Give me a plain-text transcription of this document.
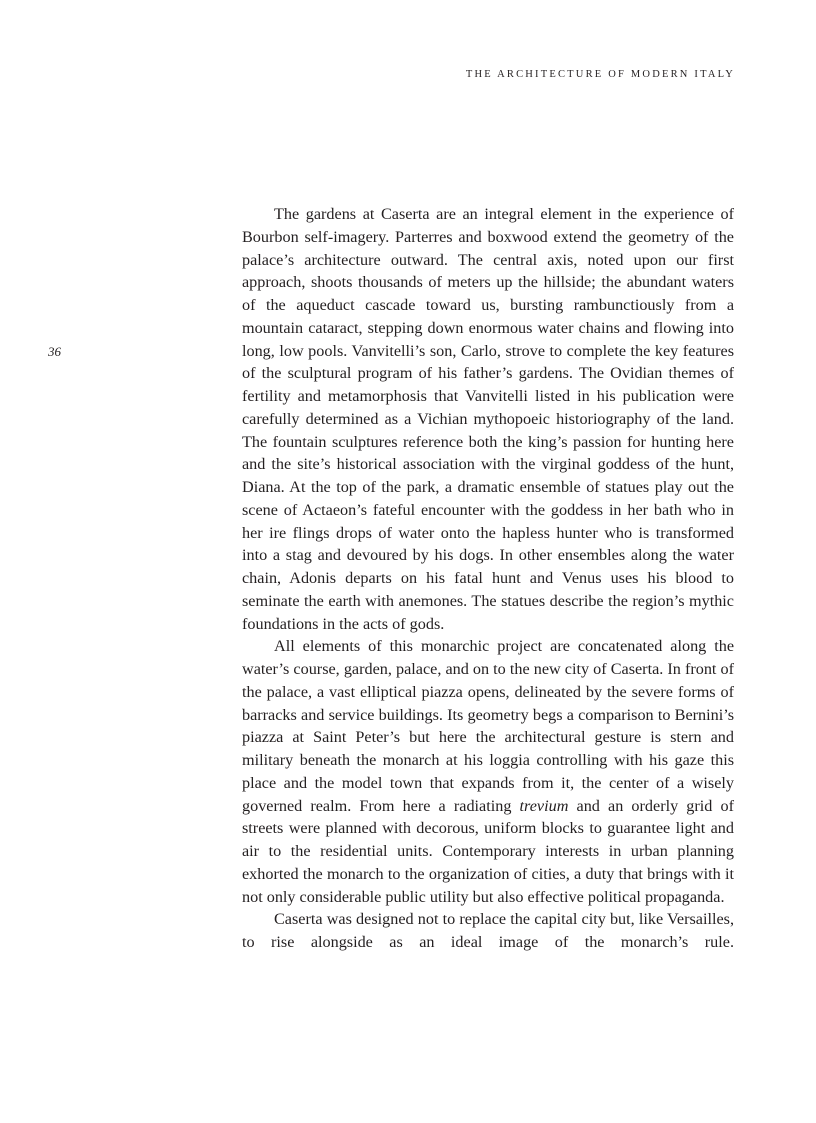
THE ARCHITECTURE OF MODERN ITALY
36

The gardens at Caserta are an integral element in the experience of Bourbon self-imagery. Parterres and boxwood extend the geometry of the palace’s architecture outward. The central axis, noted upon our first approach, shoots thousands of meters up the hillside; the abundant waters of the aqueduct cascade toward us, bursting rambunctiously from a mountain cataract, stepping down enormous water chains and flowing into long, low pools. Vanvitelli’s son, Carlo, strove to complete the key features of the sculptural program of his father’s gardens. The Ovidian themes of fertility and metamorphosis that Vanvitelli listed in his publication were carefully determined as a Vichian mythopoeic historiography of the land. The fountain sculptures reference both the king’s passion for hunting here and the site’s historical association with the virginal goddess of the hunt, Diana. At the top of the park, a dramatic ensemble of statues play out the scene of Actaeon’s fateful encounter with the goddess in her bath who in her ire flings drops of water onto the hapless hunter who is transformed into a stag and devoured by his dogs. In other ensembles along the water chain, Adonis departs on his fatal hunt and Venus uses his blood to seminate the earth with anemones. The statues describe the region’s mythic foundations in the acts of gods.

All elements of this monarchic project are concatenated along the water’s course, garden, palace, and on to the new city of Caserta. In front of the palace, a vast elliptical piazza opens, delineated by the severe forms of barracks and service buildings. Its geometry begs a comparison to Bernini’s piazza at Saint Peter’s but here the architectural gesture is stern and military beneath the monarch at his loggia controlling with his gaze this place and the model town that expands from it, the center of a wisely governed realm. From here a radiating trevium and an orderly grid of streets were planned with decorous, uniform blocks to guarantee light and air to the residential units. Contemporary interests in urban planning exhorted the monarch to the organization of cities, a duty that brings with it not only considerable public utility but also effective political propaganda.

Caserta was designed not to replace the capital city but, like Versailles, to rise alongside as an ideal image of the monarch’s rule.
